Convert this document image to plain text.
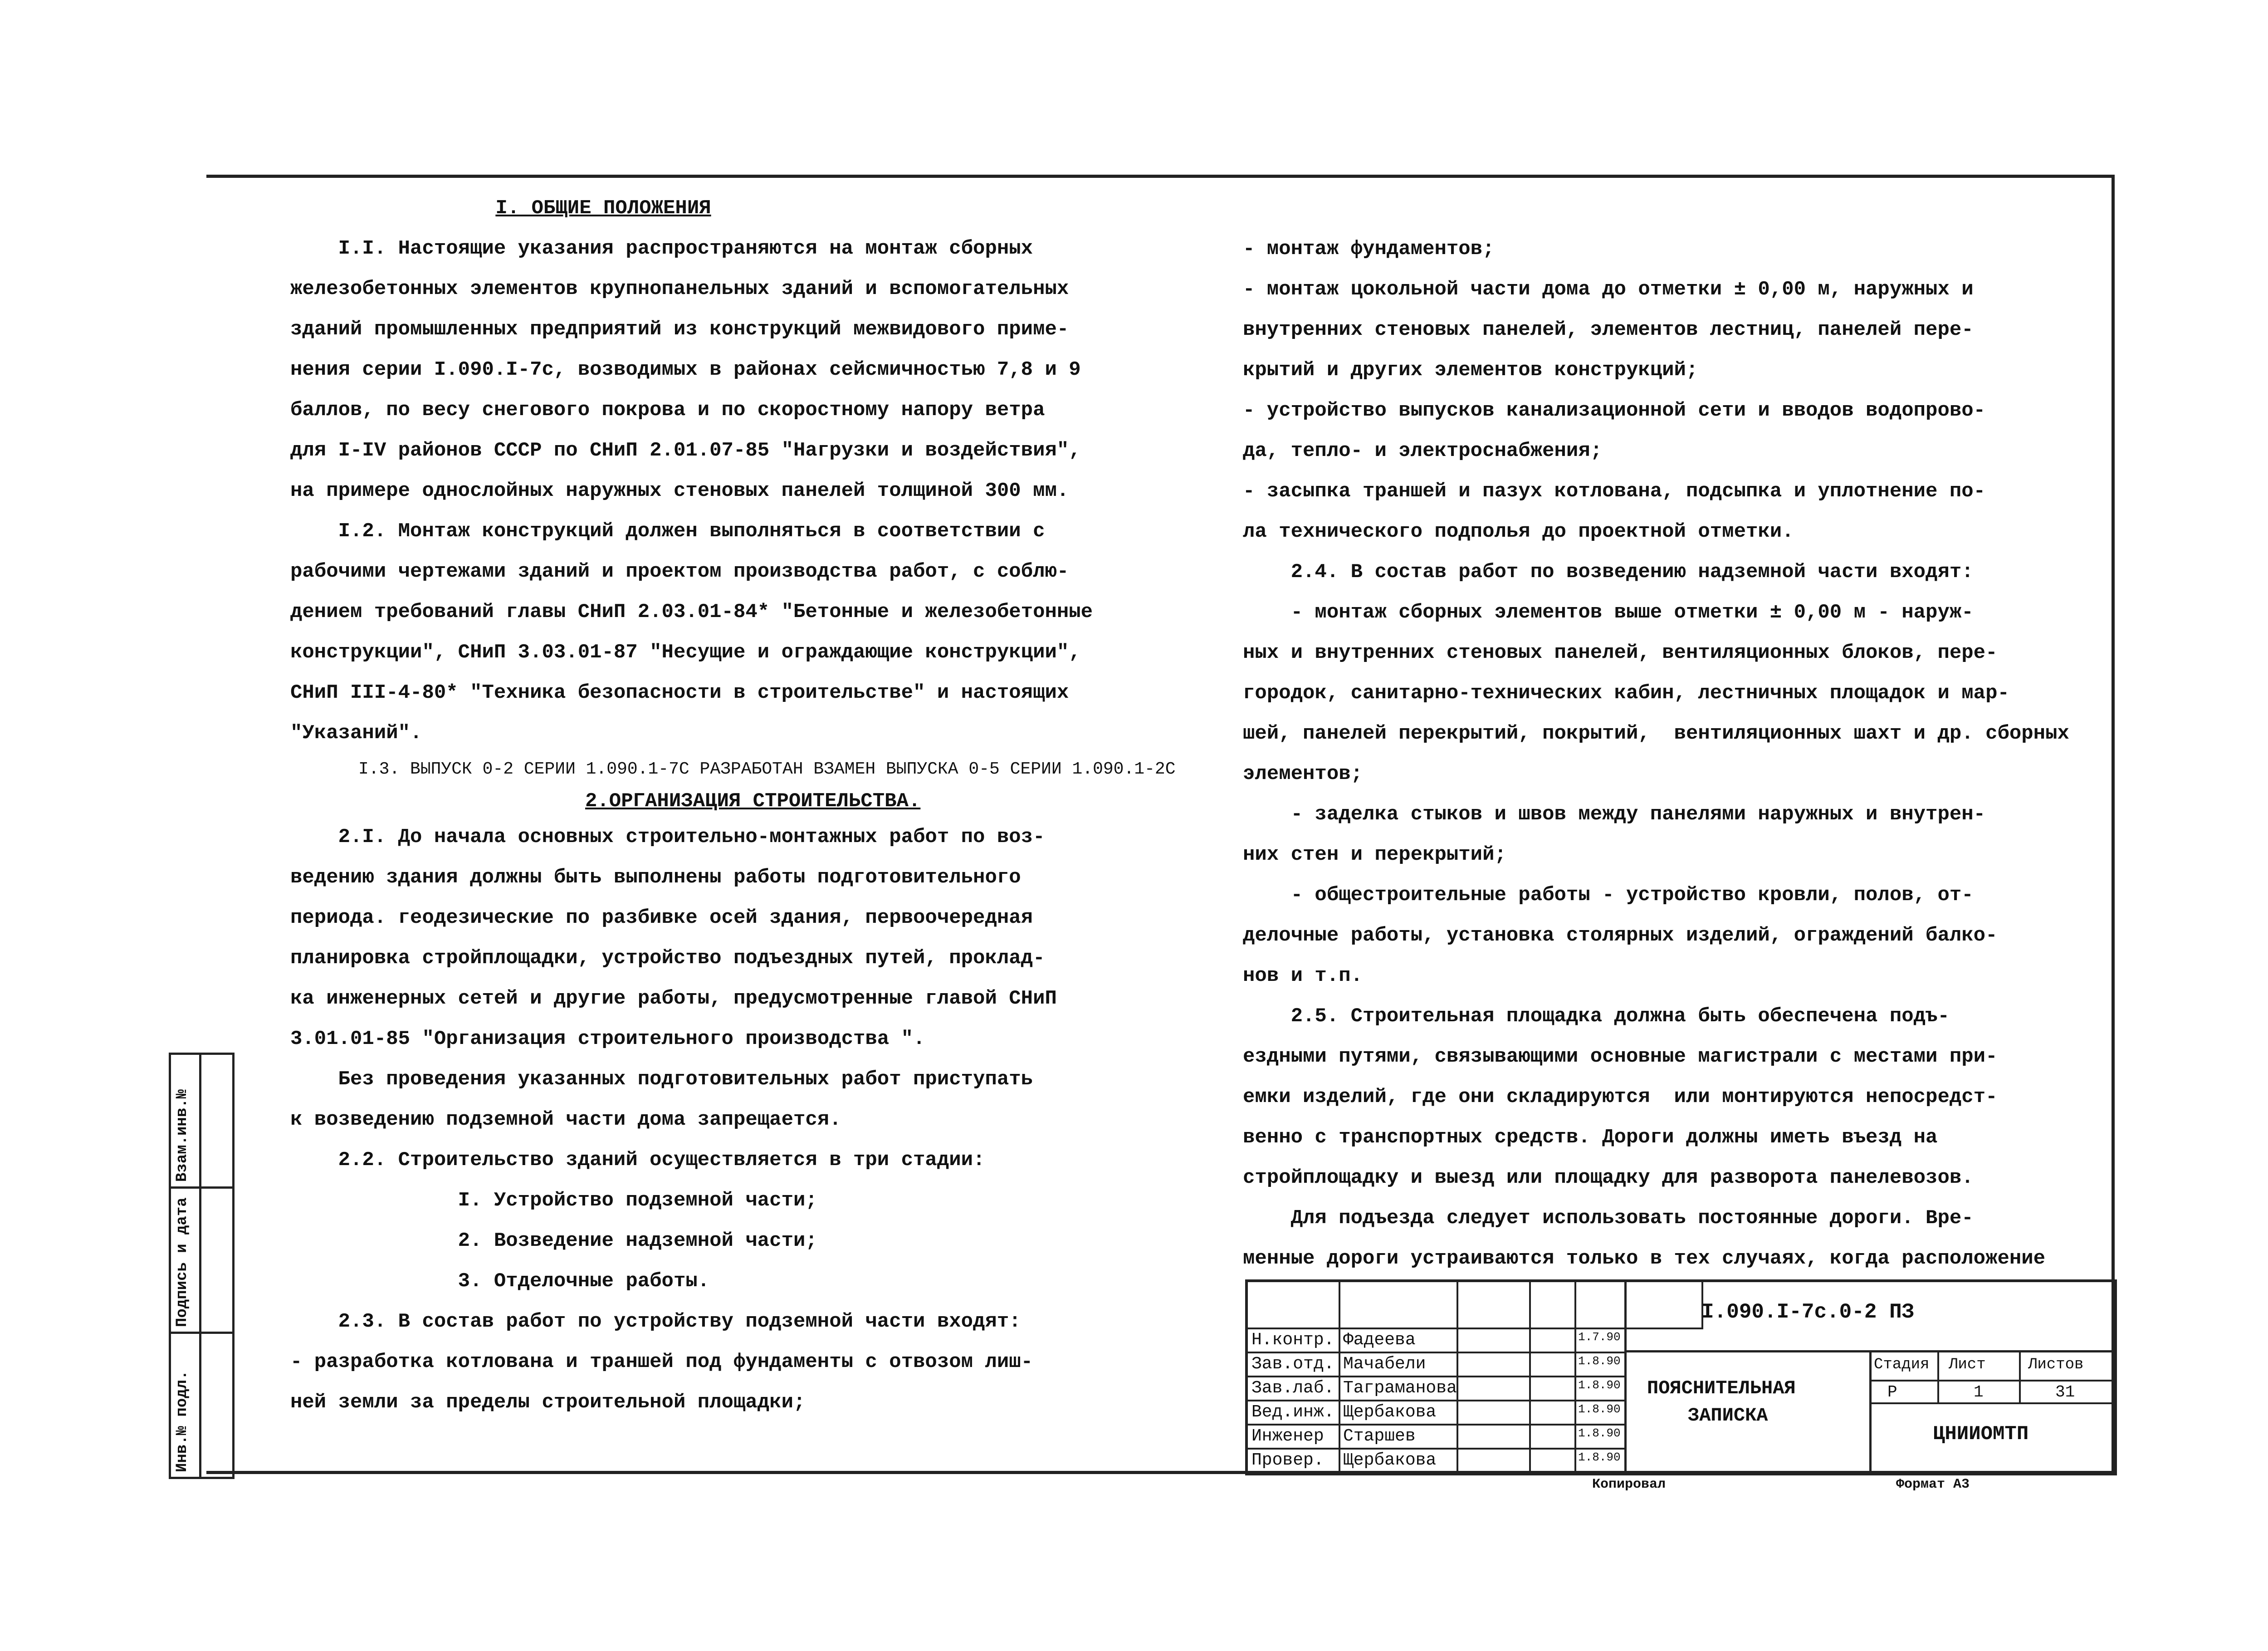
I. ОБЩИЕ ПОЛОЖЕНИЯ

I.I. Настоящие указания распространяются на монтаж сборных

железобетонных элементов крупнопанельных зданий и вспомогательных

зданий промышленных предприятий из конструкций межвидового приме-

нения серии I.090.I-7с, возводимых в районах сейсмичностью 7,8 и 9

баллов, по весу снегового покрова и по скоростному напору ветра

для I-IV районов СССР по СНиП 2.01.07-85 "Нагрузки и воздействия",

на примере однослойных наружных стеновых панелей толщиной 300 мм.

I.2. Монтаж конструкций должен выполняться в соответствии с

рабочими чертежами зданий и проектом производства работ, с соблю-

дением требований главы СНиП 2.03.01-84* "Бетонные и железобетонные

конструкции", СНиП 3.03.01-87 "Несущие и ограждающие конструкции",

СНиП III-4-80* "Техника безопасности в строительстве" и настоящих

"Указаний".

I.3. ВЫПУСК 0-2 СЕРИИ 1.090.1-7С РАЗРАБОТАН ВЗАМЕН ВЫПУСКА 0-5 СЕРИИ 1.090.1-2С

2.ОРГАНИЗАЦИЯ СТРОИТЕЛЬСТВА.

2.I. До начала основных строительно-монтажных работ по воз-

ведению здания должны быть выполнены работы подготовительного

периода. геодезические по разбивке осей здания, первоочередная

планировка стройплощадки, устройство подъездных путей, проклад-

ка инженерных сетей и другие работы, предусмотренные главой СНиП

3.01.01-85 "Организация строительного производства ".

Без проведения указанных подготовительных работ приступать

к возведению подземной части дома запрещается.

2.2. Строительство зданий осуществляется в три стадии:

I. Устройство подземной части;

2. Возведение надземной части;

3. Отделочные работы.

2.3. В состав работ по устройству подземной части входят:

- разработка котлована и траншей под фундаменты с отвозом лиш-

ней земли за пределы строительной площадки;

- монтаж фундаментов;

- монтаж цокольной части дома до отметки ± 0,00 м, наружных и

внутренних стеновых панелей, элементов лестниц, панелей пере-

крытий и других элементов конструкций;

- устройство выпусков канализационной сети и вводов водопрово-

да, тепло- и электроснабжения;

- засыпка траншей и пазух котлована, подсыпка и уплотнение по-

ла технического подполья до проектной отметки.

2.4. В состав работ по возведению надземной части входят:

- монтаж сборных элементов выше отметки ± 0,00 м - наруж-

ных и внутренних стеновых панелей, вентиляционных блоков, пере-

городок, санитарно-технических кабин, лестничных площадок и мар-

шей, панелей перекрытий, покрытий,  вентиляционных шахт и др. сборных

элементов;

- заделка стыков и швов между панелями наружных и внутрен-

них стен и перекрытий;

- общестроительные работы - устройство кровли, полов, от-

делочные работы, установка столярных изделий, ограждений балко-

нов и т.п.

2.5. Строительная площадка должна быть обеспечена подъ-

ездными путями, связывающими основные магистрали с местами при-

емки изделий, где они складируются  или монтируются непосредст-

венно с транспортных средств. Дороги должны иметь въезд на

стройплощадку и выезд или площадку для разворота панелевозов.

Для подъезда следует использовать постоянные дороги. Вре-

менные дороги устраиваются только в тех случаях, когда расположение

Взам.инв.№
Подпись и дата
Инв.№ подл.
Н.контр. Фадеева	1.7.90
Зав.отд. Мачабели	1.8.90
Зав.лаб. Таграманова	1.8.90
Вед.инж. Щербакова	1.8.90
Инженер Старшев	1.8.90
Провер. Щербакова	1.8.90
I.090.I-7с.0-2 ПЗ
ПОЯСНИТЕЛЬНАЯ
ЗАПИСКА
Стадия Лист	Листов
Р	1	31
ЦНИИОМТП
Копировал	Формат А3
